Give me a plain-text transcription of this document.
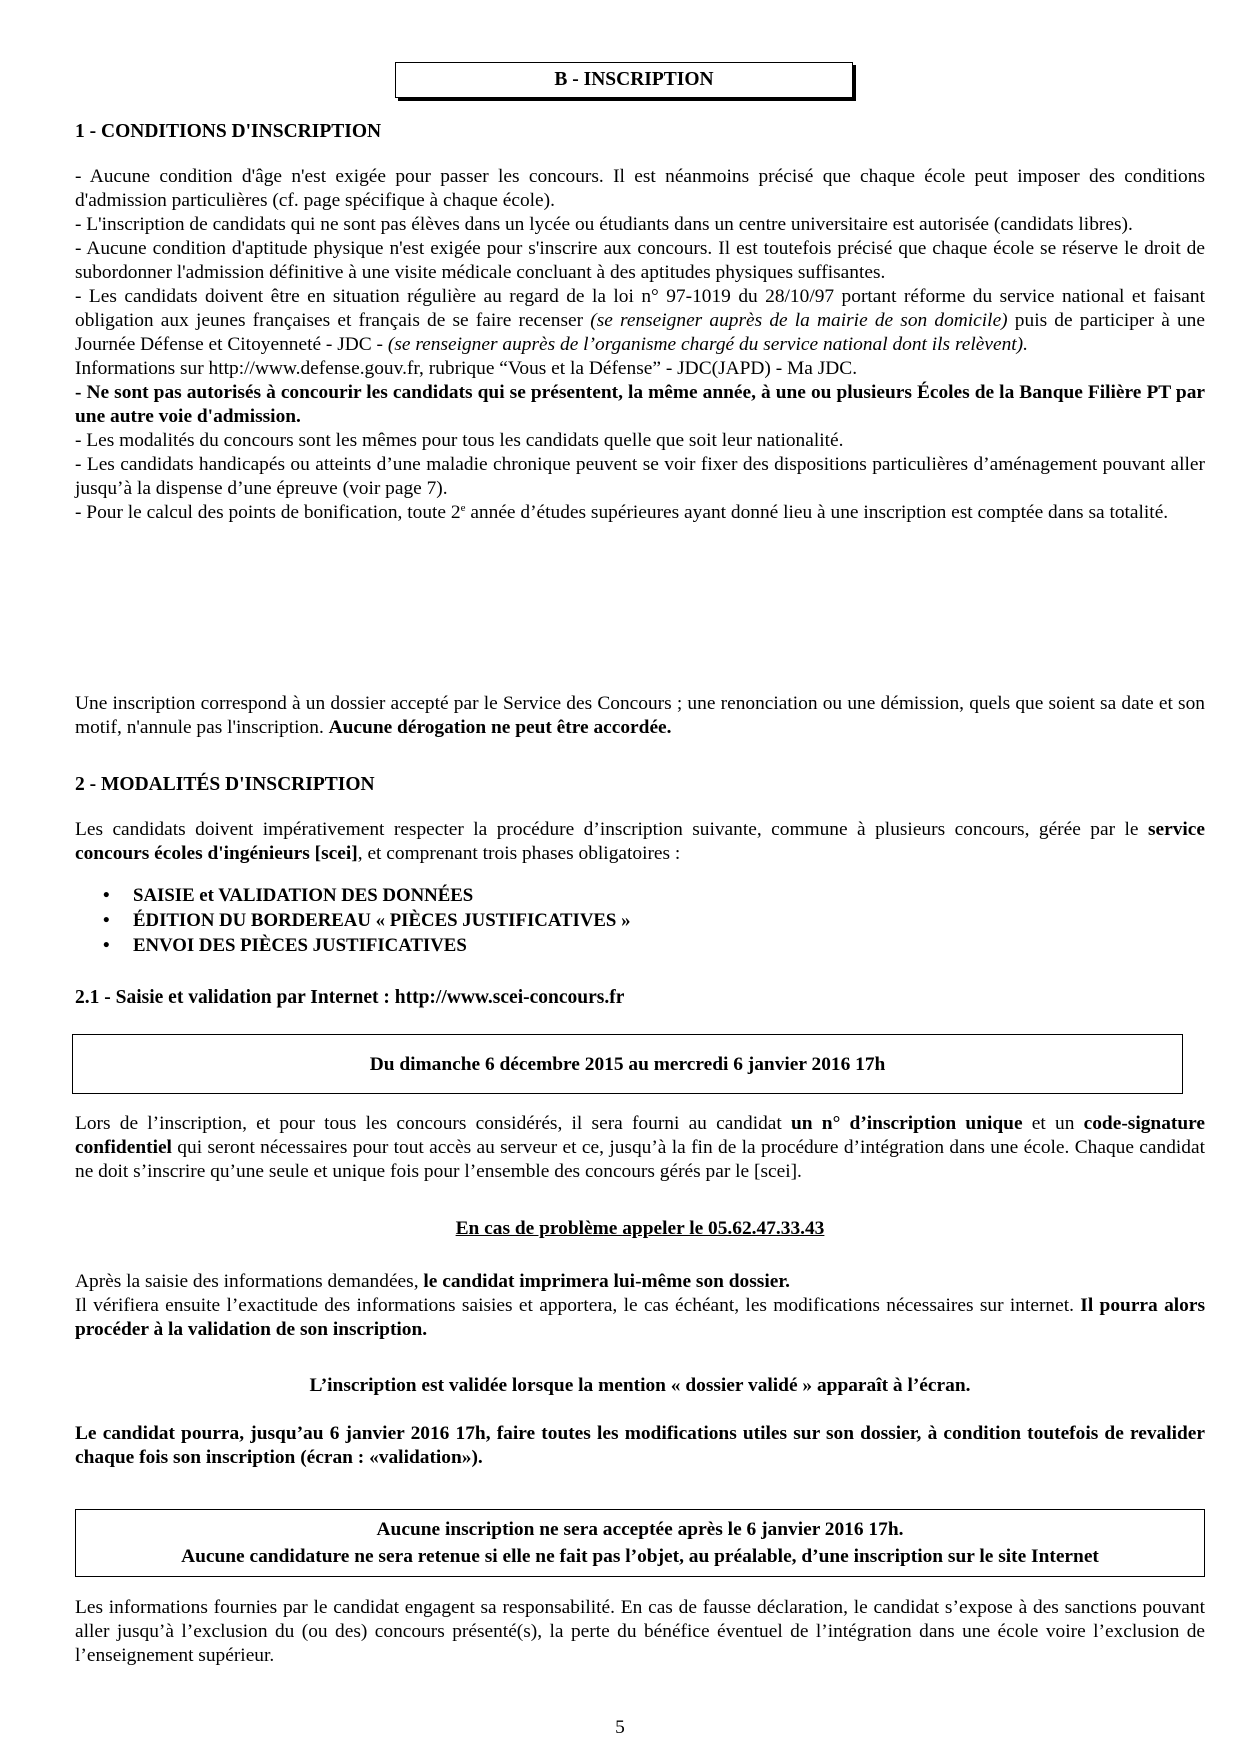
B - INSCRIPTION
1 - CONDITIONS D'INSCRIPTION

- Aucune condition d'âge n'est exigée pour passer les concours. Il est néanmoins précisé que chaque école peut imposer des conditions d'admission particulières (cf. page spécifique à chaque école).

- L'inscription de candidats qui ne sont pas élèves dans un lycée ou étudiants dans un centre universitaire est autorisée (candidats libres).

- Aucune condition d'aptitude physique n'est exigée pour s'inscrire aux concours. Il est toutefois précisé que chaque école se réserve le droit de subordonner l'admission définitive à une visite médicale concluant à des aptitudes physiques suffisantes.

- Les candidats doivent être en situation régulière au regard de la loi n° 97-1019 du 28/10/97 portant réforme du service national et faisant obligation aux jeunes françaises et français de se faire recenser (se renseigner auprès de la mairie de son domicile) puis de participer à une Journée Défense et Citoyenneté - JDC - (se renseigner auprès de l’organisme chargé du service national dont ils relèvent).

Informations sur http://www.defense.gouv.fr, rubrique “Vous et la Défense” - JDC(JAPD) - Ma JDC.

- Ne sont pas autorisés à concourir les candidats qui se présentent, la même année, à une ou plusieurs Écoles de la Banque Filière PT par une autre voie d'admission.

- Les modalités du concours sont les mêmes pour tous les candidats quelle que soit leur nationalité.

- Les candidats handicapés ou atteints d’une maladie chronique peuvent se voir fixer des dispositions particulières d’aménagement pouvant aller jusqu’à la dispense d’une épreuve (voir page 7).

- Pour le calcul des points de bonification, toute 2e année d’études supérieures ayant donné lieu à une inscription est comptée dans sa totalité.

Une inscription correspond à un dossier accepté par le Service des Concours ; une renonciation ou une démission, quels que soient sa date et son motif, n'annule pas l'inscription. Aucune dérogation ne peut être accordée.

2 - MODALITÉS D'INSCRIPTION

Les candidats doivent impérativement respecter la procédure d’inscription suivante, commune à plusieurs concours, gérée par le service concours écoles d'ingénieurs [scei], et comprenant trois phases obligatoires :

• SAISIE et VALIDATION DES DONNÉES
• ÉDITION DU BORDEREAU « PIÈCES JUSTIFICATIVES »
• ENVOI DES PIÈCES JUSTIFICATIVES
2.1 - Saisie et validation par Internet : http://www.scei-concours.fr
Du dimanche 6 décembre 2015 au mercredi 6 janvier 2016 17h

Lors de l’inscription, et pour tous les concours considérés, il sera fourni au candidat un n° d’inscription unique et un code-signature confidentiel qui seront nécessaires pour tout accès au serveur et ce, jusqu’à la fin de la procédure d’intégration dans une école. Chaque candidat ne doit s’inscrire qu’une seule et unique fois pour l’ensemble des concours gérés par le [scei].

En cas de problème appeler le 05.62.47.33.43

Après la saisie des informations demandées, le candidat imprimera lui-même son dossier.

Il vérifiera ensuite l’exactitude des informations saisies et apportera, le cas échéant, les modifications nécessaires sur internet. Il pourra alors procéder à la validation de son inscription.

L’inscription est validée lorsque la mention « dossier validé » apparaît à l’écran.

Le candidat pourra, jusqu’au 6 janvier 2016 17h, faire toutes les modifications utiles sur son dossier, à condition toutefois de revalider chaque fois son inscription (écran : «validation»).

Aucune inscription ne sera acceptée après le 6 janvier 2016 17h.
Aucune candidature ne sera retenue si elle ne fait pas l’objet, au préalable, d’une inscription sur le site Internet

Les informations fournies par le candidat engagent sa responsabilité. En cas de fausse déclaration, le candidat s’expose à des sanctions pouvant aller jusqu’à l’exclusion du (ou des) concours présenté(s), la perte du bénéfice éventuel de l’intégration dans une école voire l’exclusion de l’enseignement supérieur.

5
